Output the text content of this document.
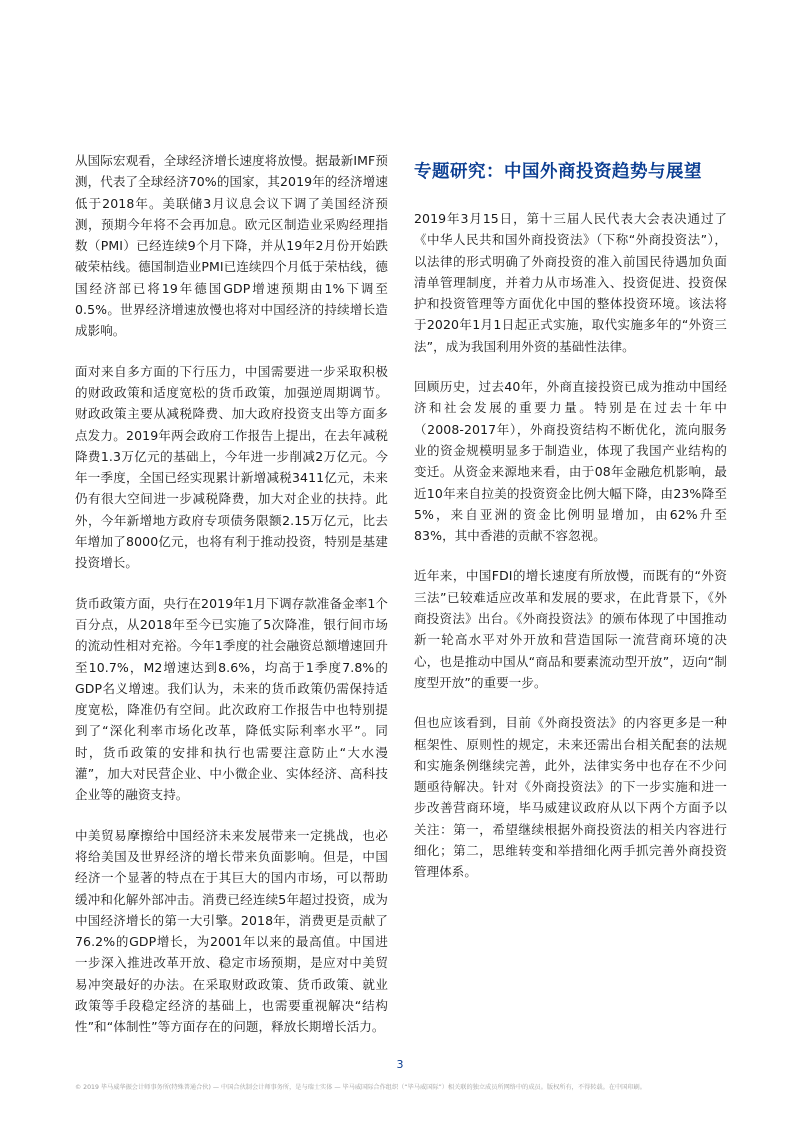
从国际宏观看，全球经济增长速度将放慢。据最新IMF预测，代表了全球经济70%的国家，其2019年的经济增速低于2018年。美联储3月议息会议下调了美国经济预测，预期今年将不会再加息。欧元区制造业采购经理指数（PMI）已经连续9个月下降，并从19年2月份开始跌破荣枯线。德国制造业PMI已连续四个月低于荣枯线，德国经济部已将19年德国GDP增速预期由1%下调至0.5%。世界经济增速放慢也将对中国经济的持续增长造成影响。

面对来自多方面的下行压力，中国需要进一步采取积极的财政政策和适度宽松的货币政策，加强逆周期调节。财政政策主要从减税降费、加大政府投资支出等方面多点发力。2019年两会政府工作报告上提出，在去年减税降费1.3万亿元的基础上，今年进一步削减2万亿元。今年一季度，全国已经实现累计新增减税3411亿元，未来仍有很大空间进一步减税降费，加大对企业的扶持。此外，今年新增地方政府专项债务限额2.15万亿元，比去年增加了8000亿元，也将有利于推动投资，特别是基建投资增长。

货币政策方面，央行在2019年1月下调存款准备金率1个百分点，从2018年至今已实施了5次降准，银行间市场的流动性相对充裕。今年1季度的社会融资总额增速回升至10.7%，M2增速达到8.6%，均高于1季度7.8%的GDP名义增速。我们认为，未来的货币政策仍需保持适度宽松，降准仍有空间。此次政府工作报告中也特别提到了“深化利率市场化改革，降低实际利率水平”。同时，货币政策的安排和执行也需要注意防止“大水漫灌”，加大对民营企业、中小微企业、实体经济、高科技企业等的融资支持。

中美贸易摩擦给中国经济未来发展带来一定挑战，也必将给美国及世界经济的增长带来负面影响。但是，中国经济一个显著的特点在于其巨大的国内市场，可以帮助缓冲和化解外部冲击。消费已经连续5年超过投资，成为中国经济增长的第一大引擎。2018年，消费更是贡献了76.2%的GDP增长，为2001年以来的最高值。中国进一步深入推进改革开放、稳定市场预期，是应对中美贸易冲突最好的办法。在采取财政政策、货币政策、就业政策等手段稳定经济的基础上，也需要重视解决“结构性”和“体制性”等方面存在的问题，释放长期增长活力。

专题研究：中国外商投资趋势与展望

2019年3月15日，第十三届人民代表大会表决通过了《中华人民共和国外商投资法》（下称“外商投资法”），以法律的形式明确了外商投资的准入前国民待遇加负面清单管理制度，并着力从市场准入、投资促进、投资保护和投资管理等方面优化中国的整体投资环境。该法将于2020年1月1日起正式实施，取代实施多年的“外资三法”，成为我国利用外资的基础性法律。

回顾历史，过去40年，外商直接投资已成为推动中国经济和社会发展的重要力量。特别是在过去十年中（2008-2017年），外商投资结构不断优化，流向服务业的资金规模明显多于制造业，体现了我国产业结构的变迁。从资金来源地来看，由于08年金融危机影响，最近10年来自拉美的投资资金比例大幅下降，由23%降至5%，来自亚洲的资金比例明显增加，由62%升至83%，其中香港的贡献不容忽视。

近年来，中国FDI的增长速度有所放慢，而既有的“外资三法”已较难适应改革和发展的要求，在此背景下，《外商投资法》出台。《外商投资法》的颁布体现了中国推动新一轮高水平对外开放和营造国际一流营商环境的决心，也是推动中国从“商品和要素流动型开放”，迈向“制度型开放”的重要一步。

但也应该看到，目前《外商投资法》的内容更多是一种框架性、原则性的规定，未来还需出台相关配套的法规和实施条例继续完善，此外，法律实务中也存在不少问题亟待解决。针对《外商投资法》的下一步实施和进一步改善营商环境，毕马威建议政府从以下两个方面予以关注：第一，希望继续根据外商投资法的相关内容进行细化；第二，思维转变和举措细化两手抓完善外商投资管理体系。

3
© 2019 毕马威华振会计师事务所(特殊普通合伙) — 中国合伙制会计师事务所，是与瑞士实体 — 毕马威国际合作组织（“毕马威国际”）相关联的独立成员所网络中的成员。版权所有，不得转载。在中国印刷。
